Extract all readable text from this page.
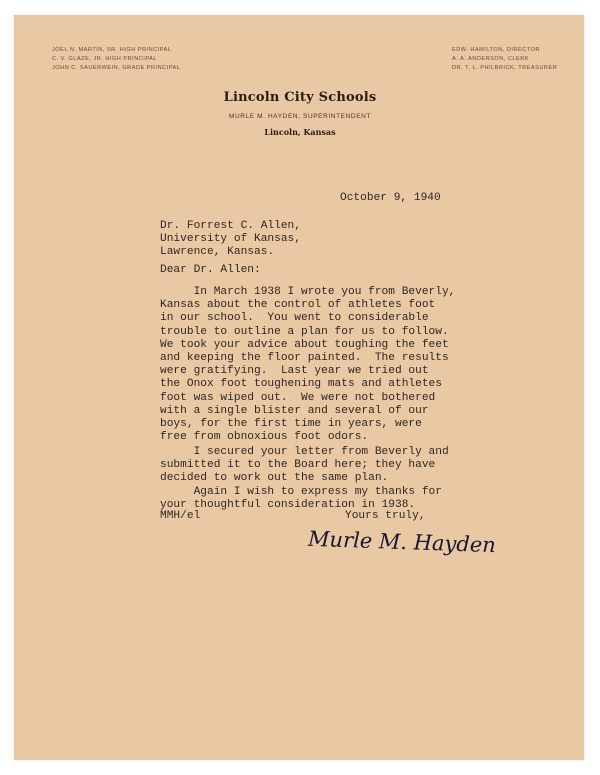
JOEL N. MARTIN, SR. HIGH PRINCIPAL
C. V. GLAZE, JR. HIGH PRINCIPAL
JOHN C. SAUERWEIN, GRADE PRINCIPAL
EDW. HAMILTON, DIRECTOR
A. A. ANDERSON, CLERK
DR. T. L. PHILBRICK, TREASURER
Lincoln City Schools
MURLE M. HAYDEN, SUPERINTENDENT
Lincoln, Kansas
October 9, 1940
Dr. Forrest C. Allen,
University of Kansas,
Lawrence, Kansas.
Dear Dr. Allen:
In March 1938 I wrote you from Beverly,
Kansas about the control of athletes foot
in our school.  You went to considerable
trouble to outline a plan for us to follow.
We took your advice about toughing the feet
and keeping the floor painted.  The results
were gratifying.  Last year we tried out
the Onox foot toughening mats and athletes
foot was wiped out.  We were not bothered
with a single blister and several of our
boys, for the first time in years, were
free from obnoxious foot odors.
I secured your letter from Beverly and
submitted it to the Board here; they have
decided to work out the same plan.
Again I wish to express my thanks for
your thoughtful consideration in 1938.
MMH/el	Yours truly,
Murle M. Hayden
